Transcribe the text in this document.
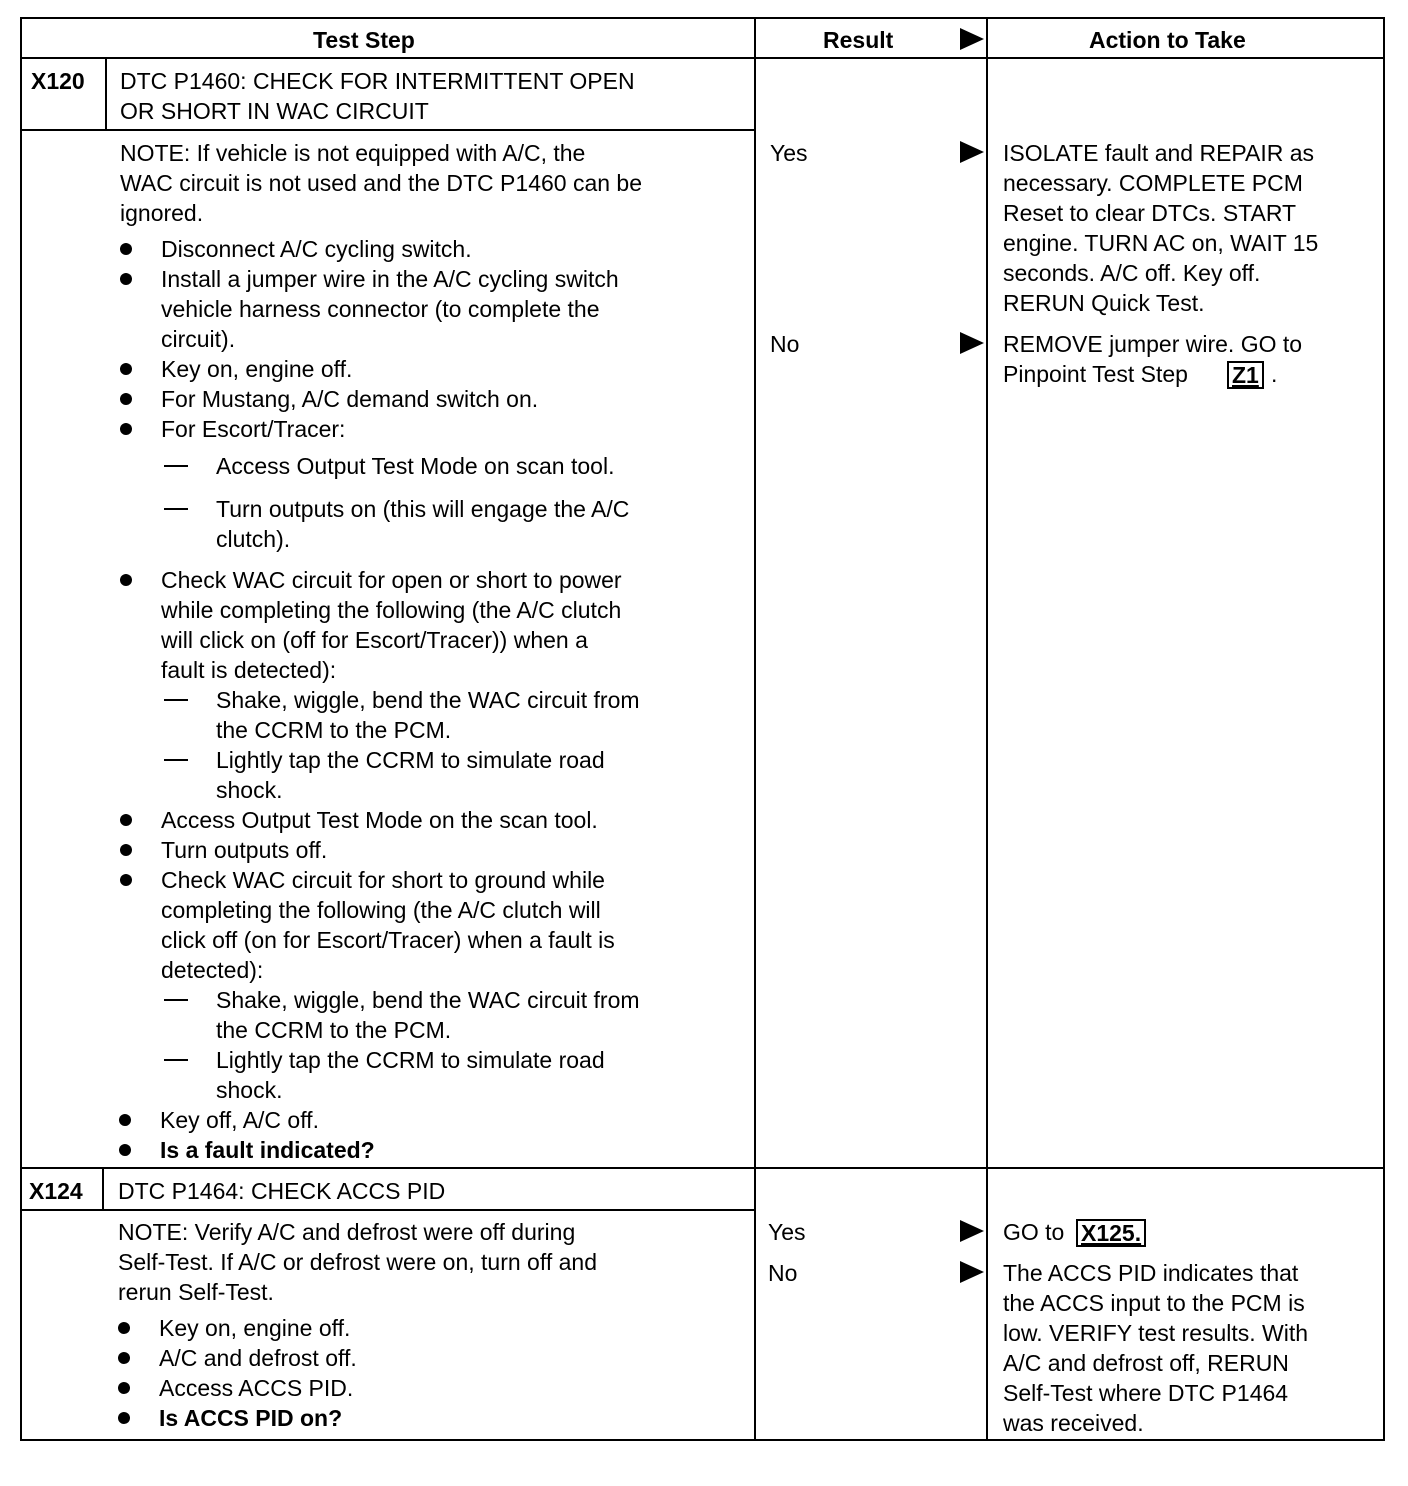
Test Step	Result	Action to Take
X120 DTC P1460: CHECK FOR INTERMITTENT OPEN
OR SHORT IN WAC CIRCUIT
NOTE: If vehicle is not equipped with A/C, the
WAC circuit is not used and the DTC P1460 can be
ignored.
Disconnect A/C cycling switch.
Install a jumper wire in the A/C cycling switch
vehicle harness connector (to complete the
circuit).
Key on, engine off.
For Mustang, A/C demand switch on.
For Escort/Tracer:
Access Output Test Mode on scan tool.
Turn outputs on (this will engage the A/C
clutch).
Check WAC circuit for open or short to power
while completing the following (the A/C clutch
will click on (off for Escort/Tracer)) when a
fault is detected):
Shake, wiggle, bend the WAC circuit from
the CCRM to the PCM.
Lightly tap the CCRM to simulate road
shock.
Access Output Test Mode on the scan tool.
Turn outputs off.
Check WAC circuit for short to ground while
completing the following (the A/C clutch will
click off (on for Escort/Tracer) when a fault is
detected):
Shake, wiggle, bend the WAC circuit from
the CCRM to the PCM.
Lightly tap the CCRM to simulate road
shock.
Key off, A/C off.
Is a fault indicated?
Yes	ISOLATE fault and REPAIR as
necessary. COMPLETE PCM
Reset to clear DTCs. START
engine. TURN AC on, WAIT 15
seconds. A/C off. Key off.
RERUN Quick Test.
No	REMOVE jumper wire. GO to
Pinpoint Test Step Z1 .
X124 DTC P1464: CHECK ACCS PID
NOTE: Verify A/C and defrost were off during
Self-Test. If A/C or defrost were on, turn off and
rerun Self-Test.
Key on, engine off.
A/C and defrost off.
Access ACCS PID.
Is ACCS PID on?
Yes	GO to X125.
No	The ACCS PID indicates that
the ACCS input to the PCM is
low. VERIFY test results. With
A/C and defrost off, RERUN
Self-Test where DTC P1464
was received.
